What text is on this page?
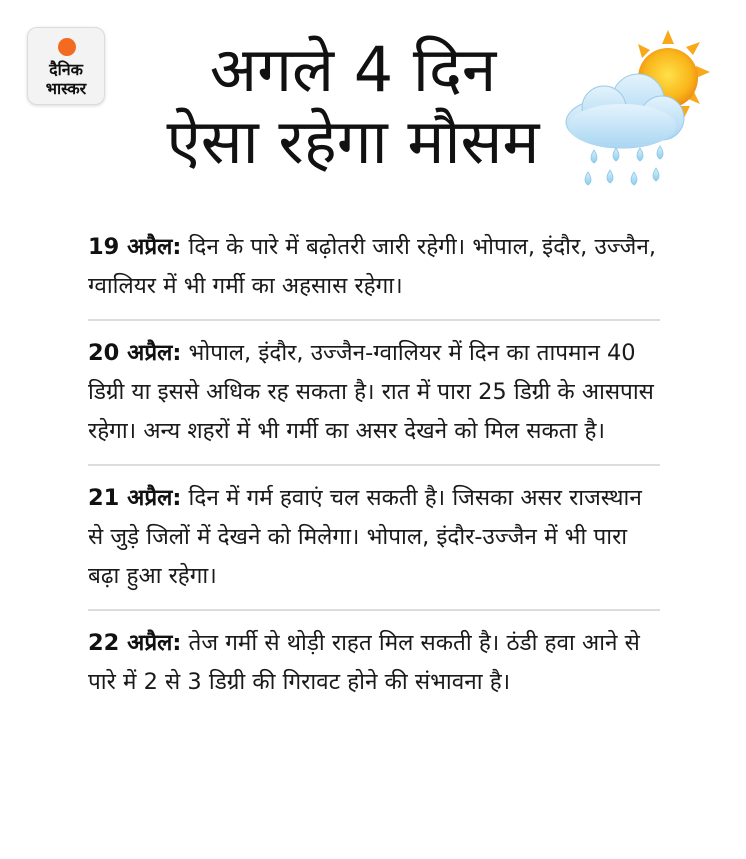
दैनिक
भास्कर	अगले 4 दिन
ऐसा रहेगा मौसम
19 अप्रैल: दिन के पारे में बढ़ोतरी जारी रहेगी। भोपाल, इंदौर, उज्जैन, ग्वालियर में भी गर्मी का अहसास रहेगा।
20 अप्रैल: भोपाल, इंदौर, उज्जैन-ग्वालियर में दिन का तापमान 40 डिग्री या इससे अधिक रह सकता है। रात में पारा 25 डिग्री के आसपास रहेगा। अन्य शहरों में भी गर्मी का असर देखने को मिल सकता है।
21 अप्रैल: दिन में गर्म हवाएं चल सकती है। जिसका असर राजस्थान से जुड़े जिलों में देखने को मिलेगा। भोपाल, इंदौर-उज्जैन में भी पारा बढ़ा हुआ रहेगा।
22 अप्रैल: तेज गर्मी से थोड़ी राहत मिल सकती है। ठंडी हवा आने से पारे में 2 से 3 डिग्री की गिरावट होने की संभावना है।
